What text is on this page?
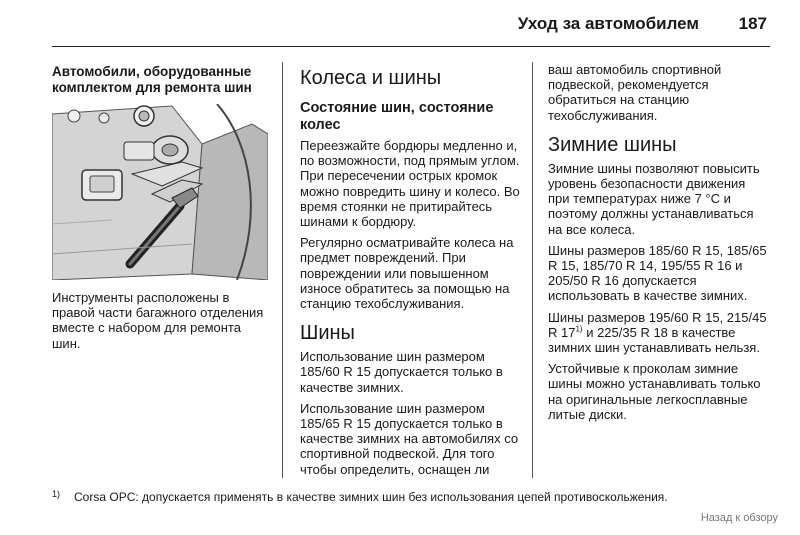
Уход за автомобилем 187
Автомобили, оборудованные комплектом для ремонта шин

Инструменты расположены в правой части багажного отделения вместе с набором для ремонта шин.

Колеса и шины
Состояние шин, состояние колес

Переезжайте бордюры медленно и, по возможности, под прямым углом. При пересечении острых кромок можно повредить шину и колесо. Во время стоянки не притирайтесь шинами к бордюру.

Регулярно осматривайте колеса на предмет повреждений. При повреждении или повышенном износе обратитесь за помощью на станцию техобслуживания.

Шины

Использование шин размером 185/60 R 15 допускается только в качестве зимних.

Использование шин размером 185/65 R 15 допускается только в качестве зимних на автомобилях со спортивной подвеской. Для того чтобы определить, оснащен ли

ваш автомобиль спортивной подвеской, рекомендуется обратиться на станцию техобслуживания.

Зимние шины

Зимние шины позволяют повысить уровень безопасности движения при температурах ниже 7 °C и поэтому должны устанавливаться на все колеса.

Шины размеров 185/60 R 15, 185/65 R 15, 185/70 R 14, 195/55 R 16 и 205/50 R 16 допускается использовать в качестве зимних.

Шины размеров 195/60 R 15, 215/45 R 17$^{1)}$ и 225/35 R 18 в качестве зимних шин устанавливать нельзя.

Устойчивые к проколам зимние шины можно устанавливать только на оригинальные легкосплавные литые диски.

$^{1)}$ Corsa OPC: допускается применять в качестве зимних шин без использования цепей противоскольжения.
Назад к обзору
